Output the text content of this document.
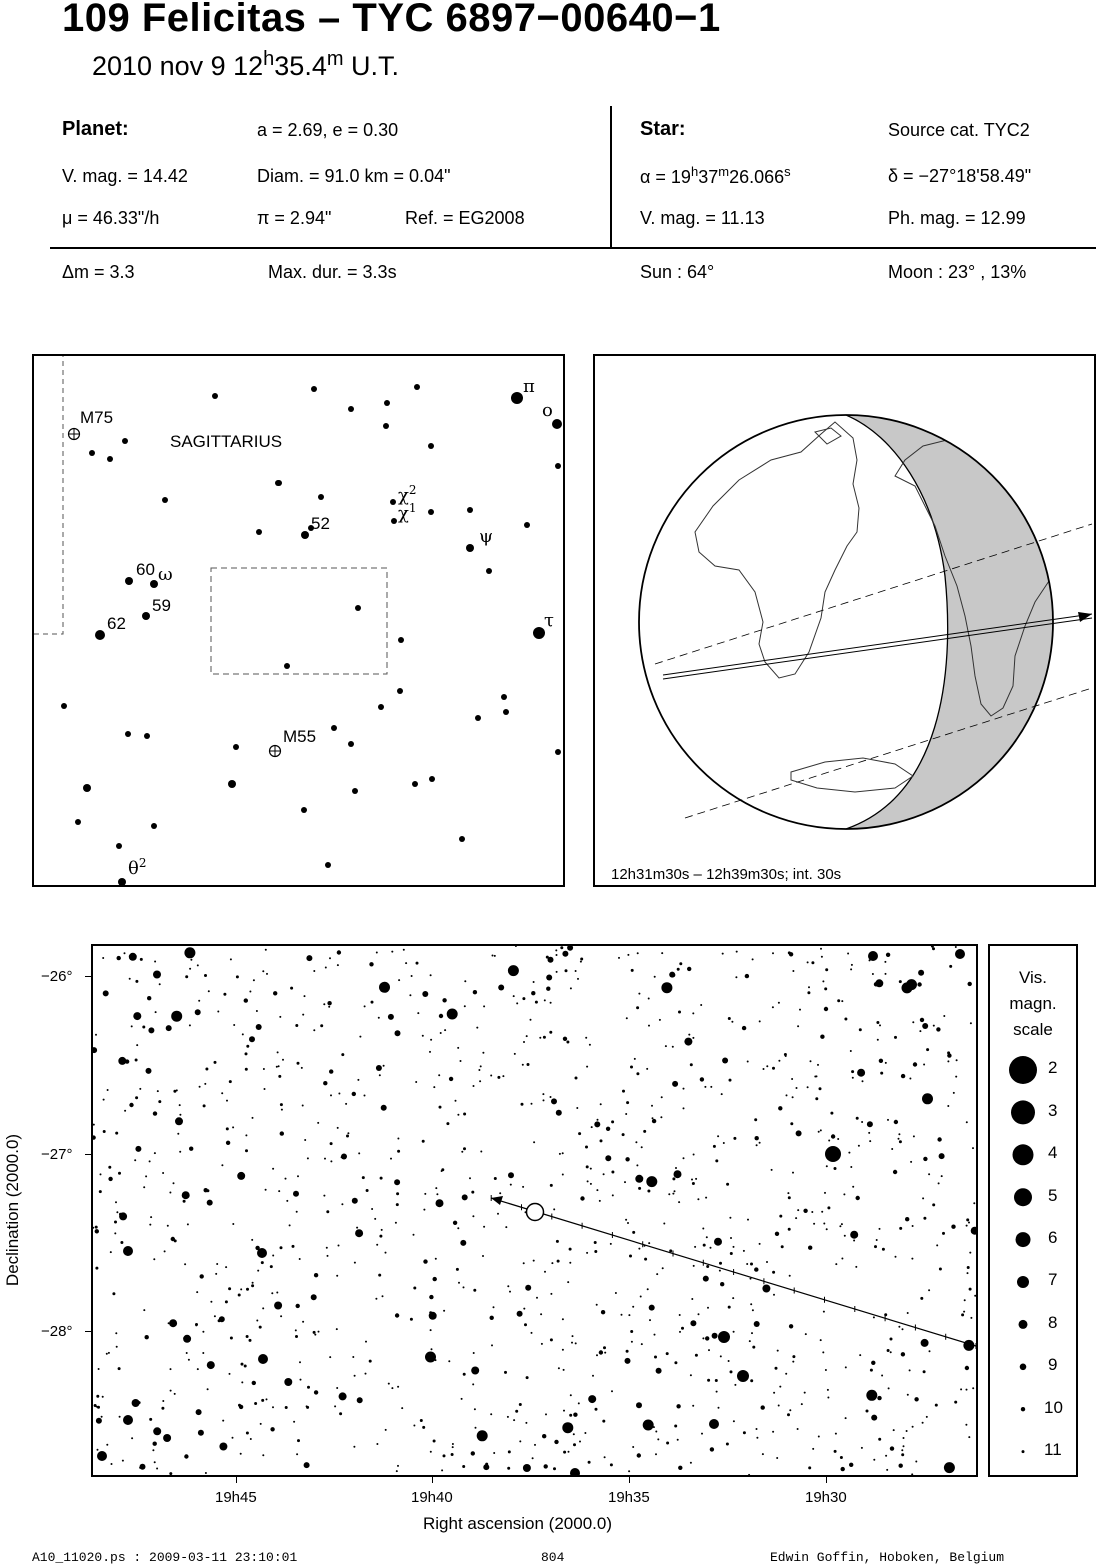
109 Felicitas – TYC 6897−00640−1
2010 nov 9 12$^h$35.4$^m$ U.T.
Planet:	a = 2.69, e = 0.30
V. mag. = 14.42	Diam. = 91.0 km = 0.04"
μ = 46.33"/h	π = 2.94"	Ref. = EG2008
Star:	Source cat. TYC2
$\alpha = 19^h37^m26.066^s$	δ = −27°18'58.49"
V. mag. = 11.13	Ph. mag. = 12.99
Δm = 3.3	Max. dur. = 3.3s	Sun : 64°	Moon : 23° , 13%
SAGITTARIUS
M75
M55
52
60
59
62
π
ο
$\chi^2$
$\chi^1$
ψ
ω
τ
$\theta^2$
12h31m30s – 12h39m30s; int. 30s
Declination (2000.0)
Right ascension (2000.0)
−26°
−27°
−28°
19h45	19h40	19h35	19h30
Vis.
magn.
scale
2
3
4
5
6
7
8
9
10
11
A10_11020.ps : 2009-03-11 23:10:01	804	Edwin Goffin, Hoboken, Belgium
